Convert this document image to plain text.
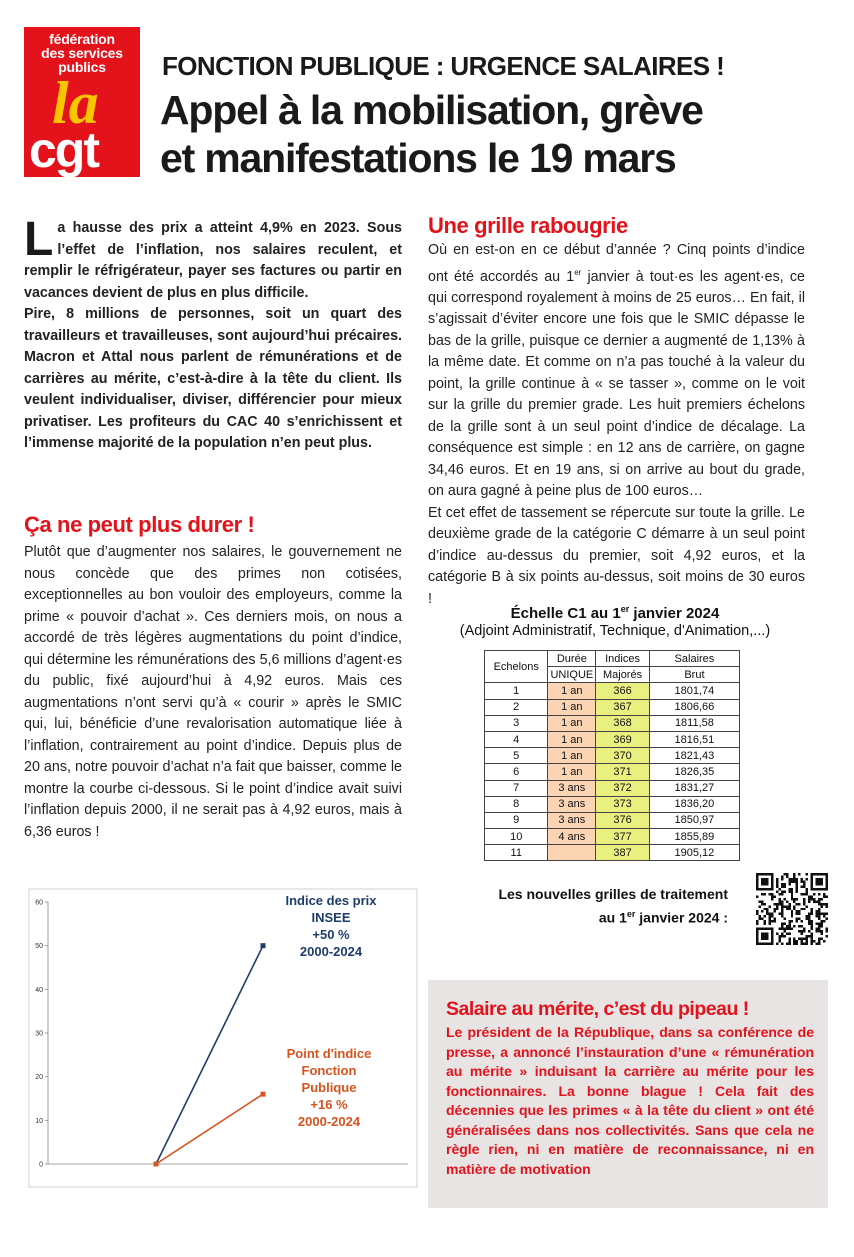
fédération
des services
publics
la
cgt
FONCTION PUBLIQUE : URGENCE SALAIRES !
Appel à la mobilisation, grève
et manifestations le 19 mars
L a hausse des prix a atteint 4,9% en 2023. Sous l’effet de l’inflation, nos salaires reculent, et remplir le réfrigérateur, payer ses factures ou partir en vacances devient de plus en plus difficile.
Pire, 8 millions de personnes, soit un quart des travailleurs et travailleuses, sont aujourd’hui précaires. Macron et Attal nous parlent de rémunérations et de carrières au mérite, c’est-à-dire à la tête du client. Ils veulent individualiser, diviser, différencier pour mieux privatiser. Les profiteurs du CAC 40 s’enrichissent et l’immense majorité de la population n’en peut plus.
Ça ne peut plus durer !
Plutôt que d’augmenter nos salaires, le gouvernement ne nous concède que des primes non cotisées, exceptionnelles au bon vouloir des employeurs, comme la prime « pouvoir d’achat ». Ces derniers mois, on nous a accordé de très légères augmentations du point d’indice, qui détermine les rémunérations des 5,6 millions d’agent·es du public, fixé aujourd’hui à 4,92 euros. Mais ces augmentations n’ont servi qu’à « courir » après le SMIC qui, lui, bénéficie d’une revalorisation automatique liée à l’inflation, contrairement au point d’indice. Depuis plus de 20 ans, notre pouvoir d’achat n’a fait que baisser, comme le montre la courbe ci-dessous. Si le point d’indice avait suivi l’inflation depuis 2000, il ne serait pas à 4,92 euros, mais à 6,36 euros !
Une grille rabougrie

Où en est-on en ce début d’année ? Cinq points d’indice ont été accordés au 1er janvier à tout·es les agent·es, ce qui correspond royalement à moins de 25 euros… En fait, il s’agissait d’éviter encore une fois que le SMIC dépasse le bas de la grille, puisque ce dernier a augmenté de 1,13% à la même date. Et comme on n’a pas touché à la valeur du point, la grille continue à « se tasser », comme on le voit sur la grille du premier grade. Les huit premiers échelons de la grille sont à un seul point d’indice de décalage. La conséquence est simple : en 12 ans de carrière, on gagne 34,46 euros. Et en 19 ans, si on arrive au bout du grade, on aura gagné à peine plus de 100 euros…

Et cet effet de tassement se répercute sur toute la grille. Le deuxième grade de la catégorie C démarre à un seul point d’indice au-dessus du premier, soit 4,92 euros, et la catégorie B à six points au-dessus, soit moins de 30 euros !

Échelle C1 au 1er janvier 2024
(Adjoint Administratif, Technique, d'Animation,...)
Echelons	Durée	Indices	Salaires
	UNIQUE	Majorés	Brut
1	1 an	366	1801,74
2	1 an	367	1806,66
3	1 an	368	1811,58
4	1 an	369	1816,51
5	1 an	370	1821,43
6	1 an	371	1826,35
7	3 ans	372	1831,27
8	3 ans	373	1836,20
9	3 ans	376	1850,97
10	4 ans	377	1855,89
11		387	1905,12
Les nouvelles grilles de traitement
au 1er janvier 2024 :
0
10
20
30
40
50
60	Indice des prix
INSEE
+50 %
2000-2024
Point d'indice
Fonction
Publique
+16 %
2000-2024
Salaire au mérite, c’est du pipeau !

Le président de la République, dans sa conférence de presse, a annoncé l’instauration d’une « rémunération au mérite » induisant la carrière au mérite pour les fonctionnaires. La bonne blague ! Cela fait des décennies que les primes « à la tête du client » ont été généralisées dans nos collectivités. Sans que cela ne règle rien, ni en matière de reconnaissance, ni en matière de motivation
